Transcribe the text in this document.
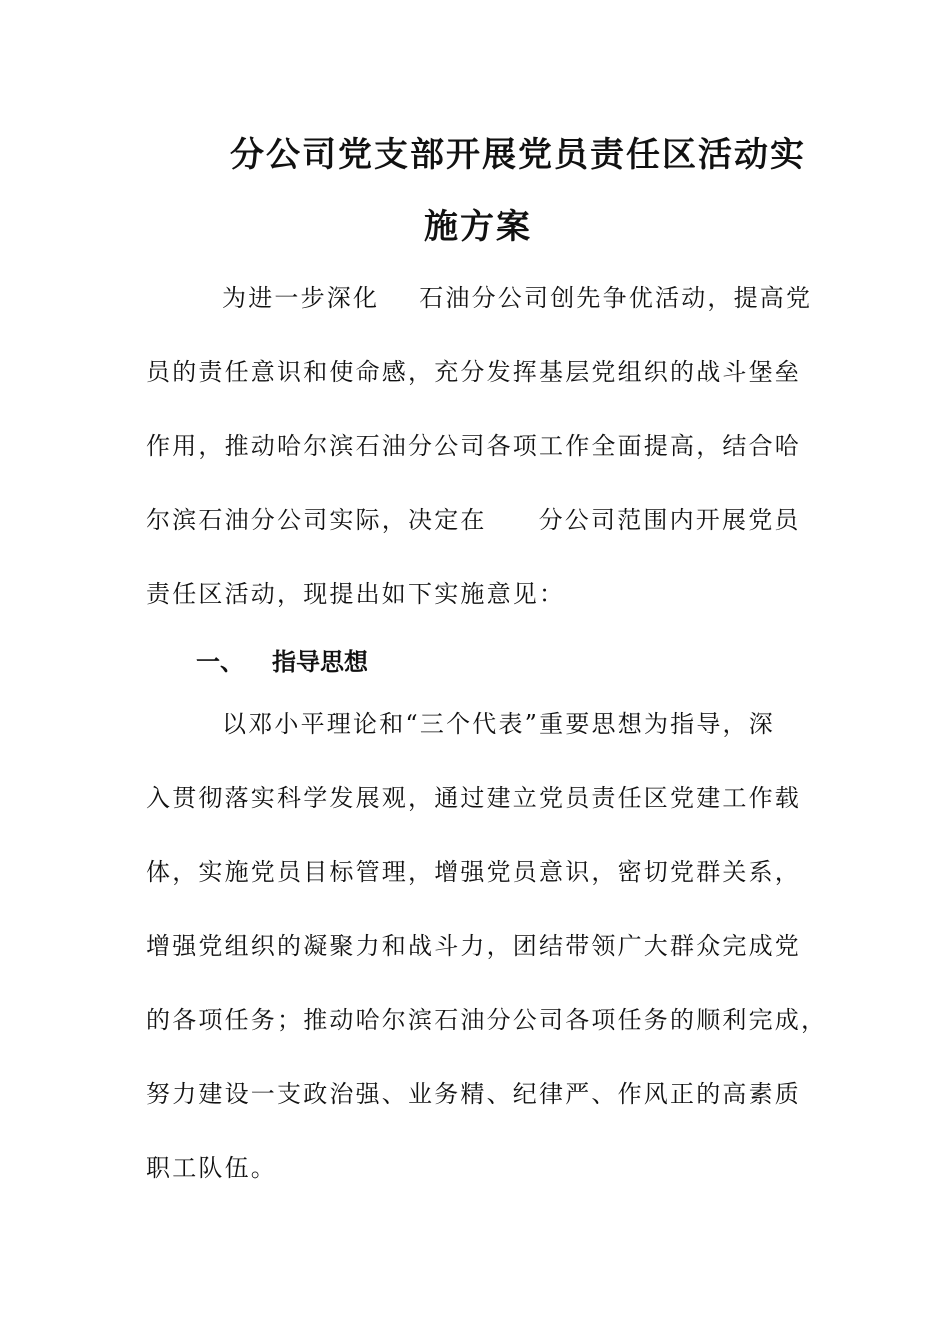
分公司党支部开展党员责任区活动实
施方案
为进一步深化 石油分公司创先争优活动，提高党
员的责任意识和使命感，充分发挥基层党组织的战斗堡垒
作用，推动哈尔滨石油分公司各项工作全面提高，结合哈
尔滨石油分公司实际，决定在 分公司范围内开展党员
责任区活动，现提出如下实施意见：
一、 指导思想
以邓小平理论和“三个代表”重要思想为指导，深
入贯彻落实科学发展观，通过建立党员责任区党建工作载
体，实施党员目标管理，增强党员意识，密切党群关系，
增强党组织的凝聚力和战斗力，团结带领广大群众完成党
的各项任务；推动哈尔滨石油分公司各项任务的顺利完成，
努力建设一支政治强、业务精、纪律严、作风正的高素质
职工队伍。
